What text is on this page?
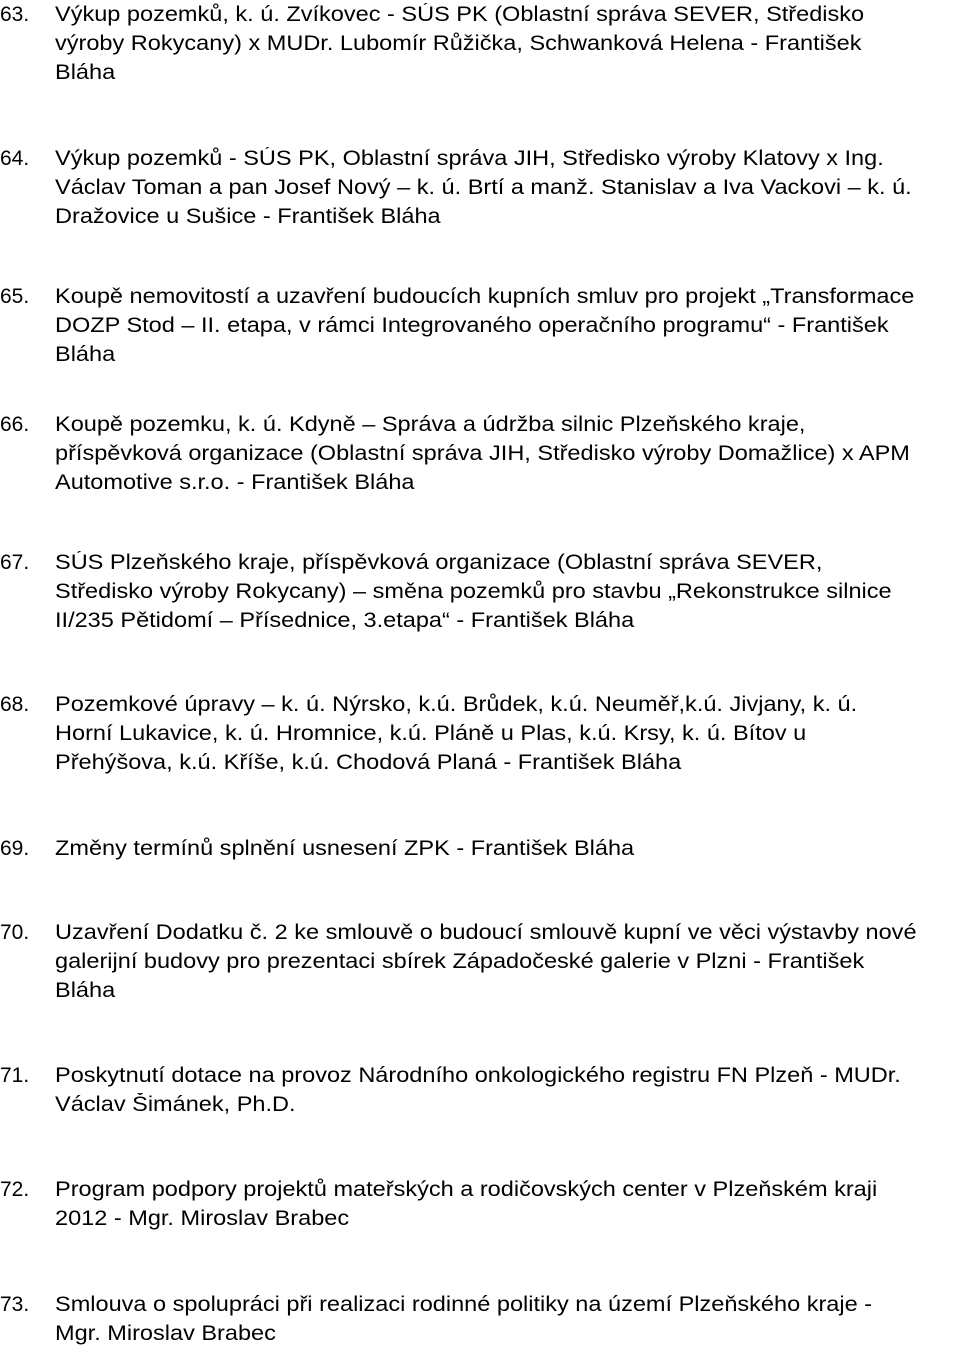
63.	Výkup pozemků, k. ú. Zvíkovec - SÚS PK (Oblastní správa SEVER, Středisko
výroby Rokycany) x MUDr. Lubomír Růžička, Schwanková Helena - František
Bláha
64.	Výkup pozemků - SÚS PK, Oblastní správa JIH, Středisko výroby Klatovy x Ing.
Václav Toman a pan Josef Nový – k. ú. Brtí a manž. Stanislav a Iva Vackovi – k. ú.
Dražovice u Sušice - František Bláha
65.	Koupě nemovitostí a uzavření budoucích kupních smluv pro projekt „Transformace
DOZP Stod – II. etapa, v rámci Integrovaného operačního programu“ - František
Bláha
66.	Koupě pozemku, k. ú. Kdyně – Správa a údržba silnic Plzeňského kraje,
příspěvková organizace (Oblastní správa JIH, Středisko výroby Domažlice) x APM
Automotive s.r.o. - František Bláha
67.	SÚS Plzeňského kraje, příspěvková organizace (Oblastní správa SEVER,
Středisko výroby Rokycany) – směna pozemků pro stavbu „Rekonstrukce silnice
II/235 Pětidomí – Přísednice, 3.etapa“ - František Bláha
68.	Pozemkové úpravy – k. ú. Nýrsko, k.ú. Brůdek, k.ú. Neuměř,k.ú. Jivjany, k. ú.
Horní Lukavice, k. ú. Hromnice, k.ú. Pláně u Plas, k.ú. Krsy, k. ú. Bítov u
Přehýšova, k.ú. Kříše, k.ú. Chodová Planá - František Bláha
69.	Změny termínů splnění usnesení ZPK - František Bláha
70.	Uzavření Dodatku č. 2 ke smlouvě o budoucí smlouvě kupní ve věci výstavby nové
galerijní budovy pro prezentaci sbírek Západočeské galerie v Plzni - František
Bláha
71.	Poskytnutí dotace na provoz Národního onkologického registru FN Plzeň - MUDr.
Václav Šimánek, Ph.D.
72.	Program podpory projektů mateřských a rodičovských center v Plzeňském kraji
2012 - Mgr. Miroslav Brabec
73.	Smlouva o spolupráci při realizaci rodinné politiky na území Plzeňského kraje -
Mgr. Miroslav Brabec
